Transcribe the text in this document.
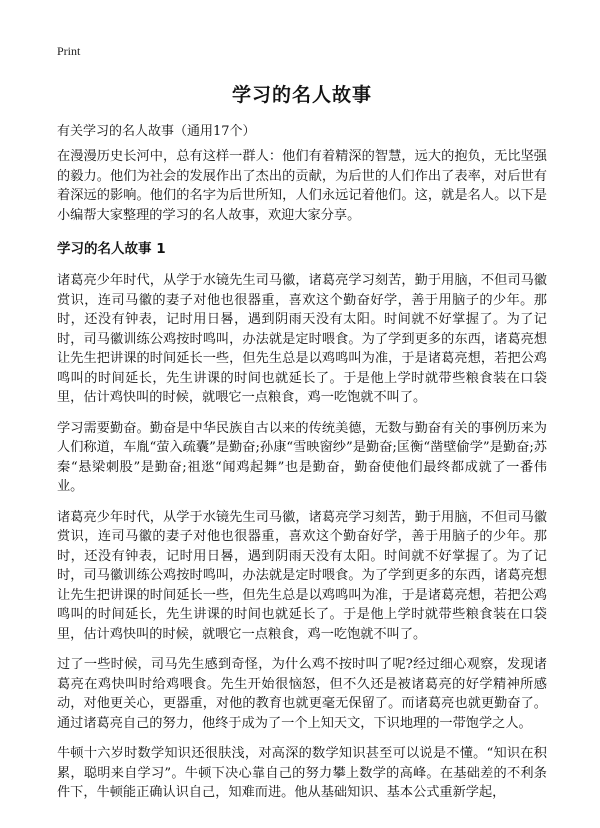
Print
学习的名人故事
有关学习的名人故事（通用17个）

在漫漫历史长河中，总有这样一群人：他们有着精深的智慧，远大的抱负，无比坚强的毅力。他们为社会的发展作出了杰出的贡献，为后世的人们作出了表率，对后世有着深远的影响。他们的名字为后世所知，人们永远记着他们。这，就是名人。以下是小编帮大家整理的学习的名人故事，欢迎大家分享。

学习的名人故事 1

诸葛亮少年时代，从学于水镜先生司马徽，诸葛亮学习刻苦，勤于用脑，不但司马徽赏识，连司马徽的妻子对他也很器重，喜欢这个勤奋好学，善于用脑子的少年。那时，还没有钟表，记时用日晷，遇到阴雨天没有太阳。时间就不好掌握了。为了记时，司马徽训练公鸡按时鸣叫，办法就是定时喂食。为了学到更多的东西，诸葛亮想让先生把讲课的时间延长一些，但先生总是以鸡鸣叫为准，于是诸葛亮想，若把公鸡鸣叫的时间延长，先生讲课的时间也就延长了。于是他上学时就带些粮食装在口袋里，估计鸡快叫的时候，就喂它一点粮食，鸡一吃饱就不叫了。

学习需要勤奋。勤奋是中华民族自古以来的传统美德，无数与勤奋有关的事例历来为人们称道，车胤“萤入疏囊”是勤奋;孙康“雪映窗纱”是勤奋;匡衡“凿壁偷学”是勤奋;苏秦“悬梁刺股”是勤奋;祖逖“闻鸡起舞”也是勤奋，勤奋使他们最终都成就了一番伟业。

诸葛亮少年时代，从学于水镜先生司马徽，诸葛亮学习刻苦，勤于用脑，不但司马徽赏识，连司马徽的妻子对他也很器重，喜欢这个勤奋好学，善于用脑子的少年。那时，还没有钟表，记时用日晷，遇到阴雨天没有太阳。时间就不好掌握了。为了记时，司马徽训练公鸡按时鸣叫，办法就是定时喂食。为了学到更多的东西，诸葛亮想让先生把讲课的时间延长一些，但先生总是以鸡鸣叫为准，于是诸葛亮想，若把公鸡鸣叫的时间延长，先生讲课的时间也就延长了。于是他上学时就带些粮食装在口袋里，估计鸡快叫的时候，就喂它一点粮食，鸡一吃饱就不叫了。

过了一些时候，司马先生感到奇怪，为什么鸡不按时叫了呢?经过细心观察，发现诸葛亮在鸡快叫时给鸡喂食。先生开始很恼怒，但不久还是被诸葛亮的好学精神所感动，对他更关心，更器重，对他的教育也就更毫无保留了。而诸葛亮也就更勤奋了。通过诸葛亮自己的努力，他终于成为了一个上知天文，下识地理的一带饱学之人。

牛顿十六岁时数学知识还很肤浅，对高深的数学知识甚至可以说是不懂。“知识在积累，聪明来自学习”。牛顿下决心靠自己的努力攀上数学的高峰。在基础差的不利条件下，牛顿能正确认识自己，知难而进。他从基础知识、基本公式重新学起，
